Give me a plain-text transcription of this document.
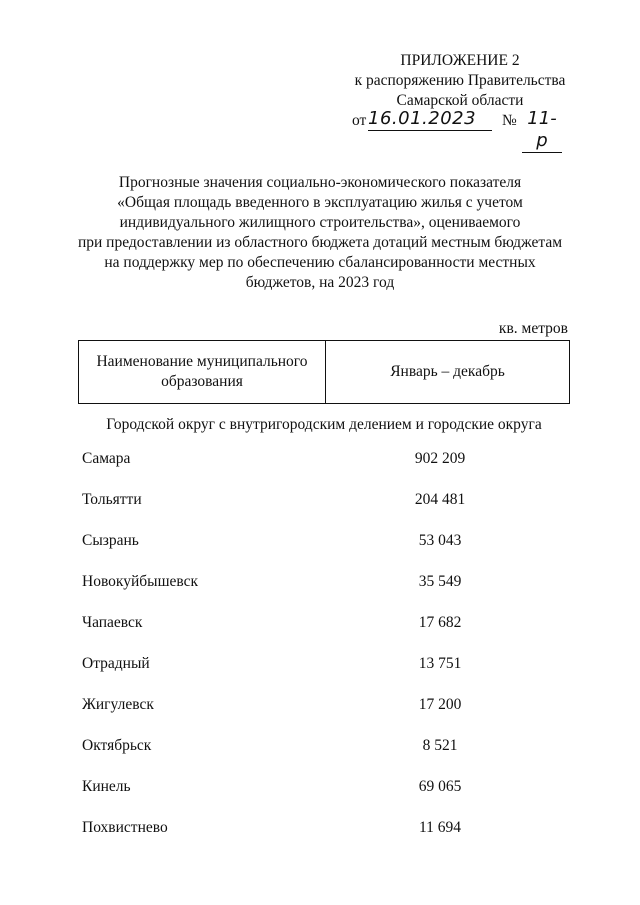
ПРИЛОЖЕНИЕ 2
к распоряжению Правительства
Самарской области
от 16.01.2023	№ 11-р
Прогнозные значения социально-экономического показателя
«Общая площадь введенного в эксплуатацию жилья с учетом
индивидуального жилищного строительства», оцениваемого
при предоставлении из областного бюджета дотаций местным бюджетам
на поддержку мер по обеспечению сбалансированности местных
бюджетов, на 2023 год
кв. метров
Наименование муниципального
образования
	Январь – декабрь
Городской округ с внутригородским делением и городские округа
Самара	902 209
Тольятти	204 481
Сызрань	53 043
Новокуйбышевск	35 549
Чапаевск	17 682
Отрадный	13 751
Жигулевск	17 200
Октябрьск	8 521
Кинель	69 065
Похвистнево	11 694
